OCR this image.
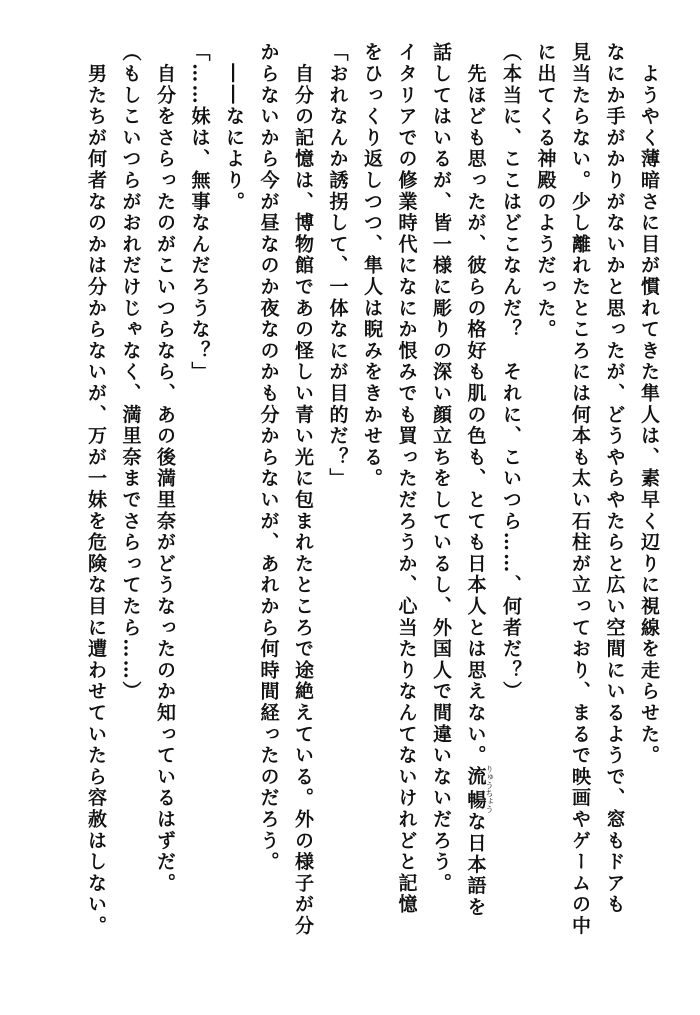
　ようやく薄暗さに目が慣れてきた隼人は、素早く辺りに視線を走らせた。

なにか手がかりがないかと思ったが、どうやらやたらと広い空間にいるようで、窓もドアも

見当たらない。少し離れたところには何本も太い石柱が立っており、まるで映画やゲームの中

に出てくる神殿のようだった。

（本当に、ここはどこなんだ？　それに、こいつら……、何者だ？）

　先ほども思ったが、彼らの格好も肌の色も、とても日本人とは思えない。流暢りゅうちょうな日本語を

話してはいるが、皆一様に彫りの深い顔立ちをしているし、外国人で間違いないだろう。

イタリアでの修業時代になにか恨みでも買っただろうか、心当たりなんてないけれどと記憶

をひっくり返しつつ、隼人は睨みをきかせる。

「おれなんか誘拐して、一体なにが目的だ？」

　自分の記憶は、博物館であの怪しい青い光に包まれたところで途絶えている。外の様子が分

からないから今が昼なのか夜なのかも分からないが、あれから何時間経ったのだろう。

　――なにより。

「……妹は、無事なんだろうな？」

　自分をさらったのがこいつらなら、あの後満里奈がどうなったのか知っているはずだ。

（もしこいつらがおれだけじゃなく、満里奈までさらってたら……）

　男たちが何者なのかは分からないが、万が一妹を危険な目に遭わせていたら容赦はしない。
